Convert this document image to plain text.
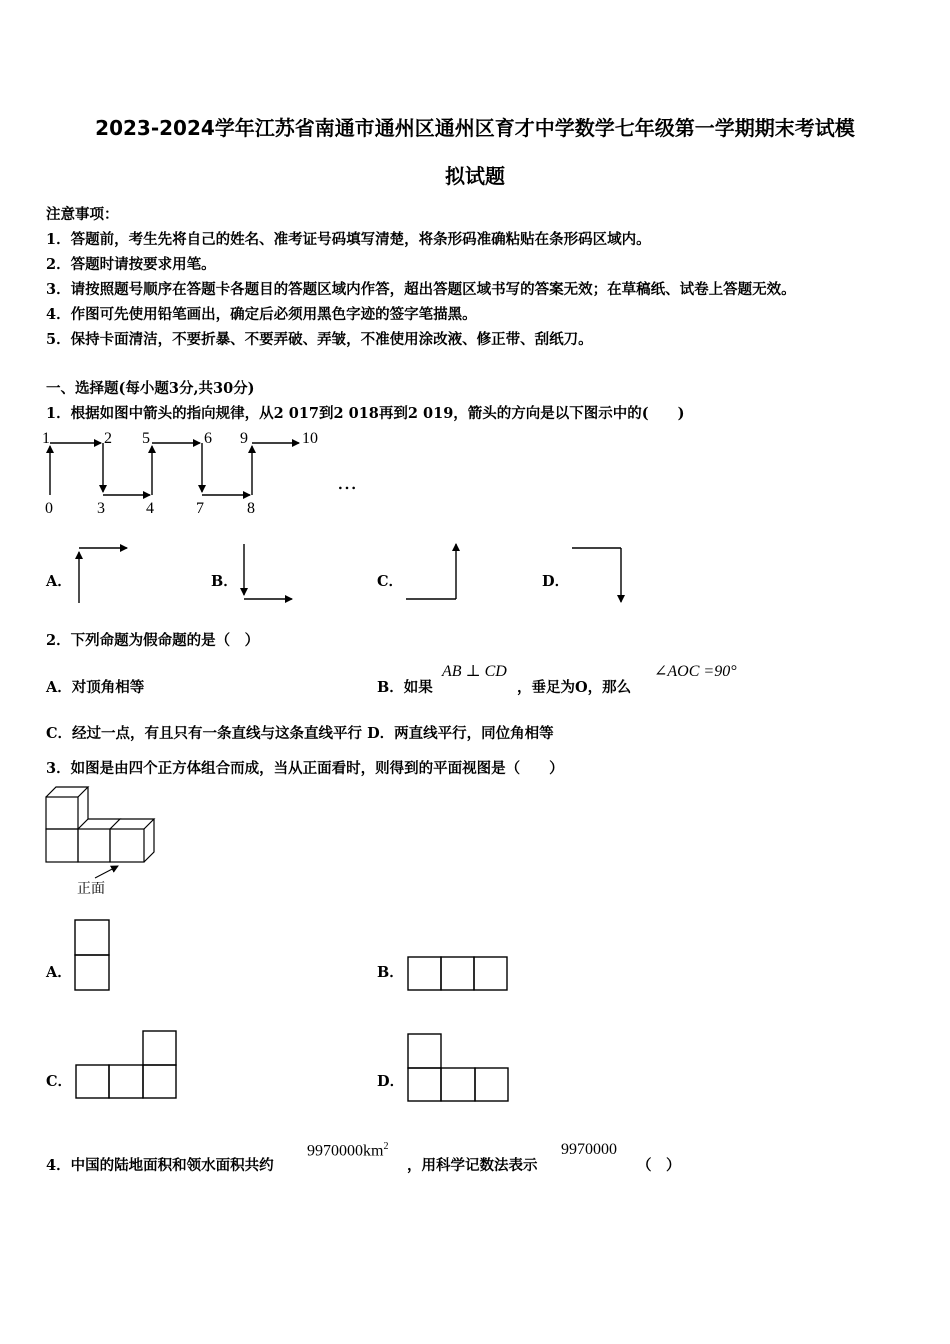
2023-2024学年江苏省南通市通州区通州区育才中学数学七年级第一学期期末考试模
拟试题
注意事项：
1．答题前，考生先将自己的姓名、准考证号码填写清楚，将条形码准确粘贴在条形码区域内。
2．答题时请按要求用笔。
3．请按照题号顺序在答题卡各题目的答题区域内作答，超出答题区域书写的答案无效；在草稿纸、试卷上答题无效。
4．作图可先使用铅笔画出，确定后必须用黑色字迹的签字笔描黑。
5．保持卡面清洁，不要折暴、不要弄破、弄皱，不准使用涂改液、修正带、刮纸刀。
一、选择题(每小题3分,共30分)
1．根据如图中箭头的指向规律，从2 017到2 018再到2 019，箭头的方向是以下图示中的(　　)
0
1	2
3	4
5	6
7	8
9	10
…
A．	B．	C．	D．
2．下列命题为假命题的是（　）
A．对顶角相等	B．如果
AB ⊥ CD
，垂足为O，那么
∠AOC =90°
C．经过一点，有且只有一条直线与这条直线平行 D．两直线平行，同位角相等
3．如图是由四个正方体组合而成，当从正面看时，则得到的平面视图是（　　）
正面
A．	B．
C．	D．
4．中国的陆地面积和领水面积共约
$9970000km^2$
，用科学记数法表示
9970000
（　）
